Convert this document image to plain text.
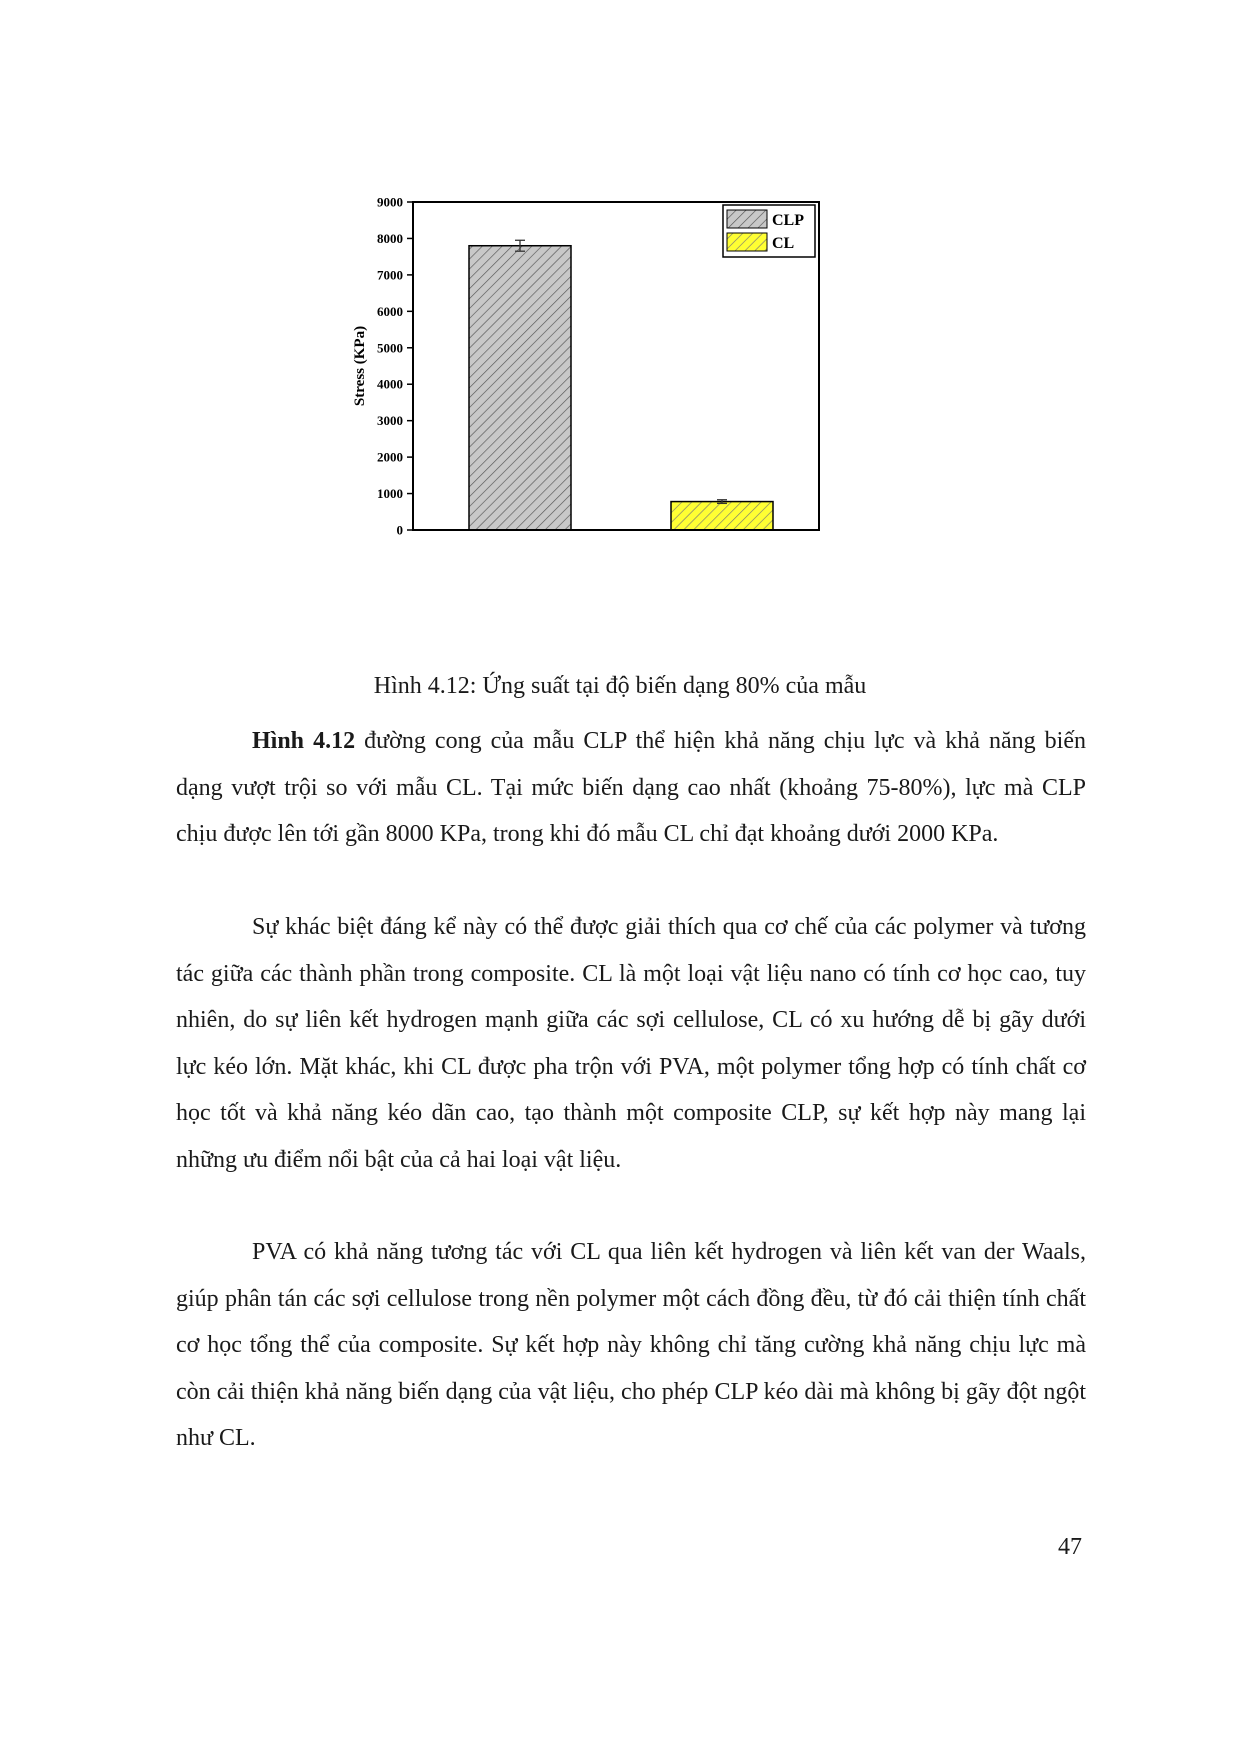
0
1000
2000
3000
4000
5000
6000
7000
8000
9000
Stress (KPa)
CLP
CL
Hình 4.12: Ứng suất tại độ biến dạng 80% của mẫu

Hình 4.12 đường cong của mẫu CLP thể hiện khả năng chịu lực và khả năng biến dạng vượt trội so với mẫu CL. Tại mức biến dạng cao nhất (khoảng 75-80%), lực mà CLP chịu được lên tới gần 8000 KPa, trong khi đó mẫu CL chỉ đạt khoảng dưới 2000 KPa.

Sự khác biệt đáng kể này có thể được giải thích qua cơ chế của các polymer và tương tác giữa các thành phần trong composite. CL là một loại vật liệu nano có tính cơ học cao, tuy nhiên, do sự liên kết hydrogen mạnh giữa các sợi cellulose, CL có xu hướng dễ bị gãy dưới lực kéo lớn. Mặt khác, khi CL được pha trộn với PVA, một polymer tổng hợp có tính chất cơ học tốt và khả năng kéo dãn cao, tạo thành một composite CLP, sự kết hợp này mang lại những ưu điểm nổi bật của cả hai loại vật liệu.

PVA có khả năng tương tác với CL qua liên kết hydrogen và liên kết van der Waals, giúp phân tán các sợi cellulose trong nền polymer một cách đồng đều, từ đó cải thiện tính chất cơ học tổng thể của composite. Sự kết hợp này không chỉ tăng cường khả năng chịu lực mà còn cải thiện khả năng biến dạng của vật liệu, cho phép CLP kéo dài mà không bị gãy đột ngột như CL.

47
